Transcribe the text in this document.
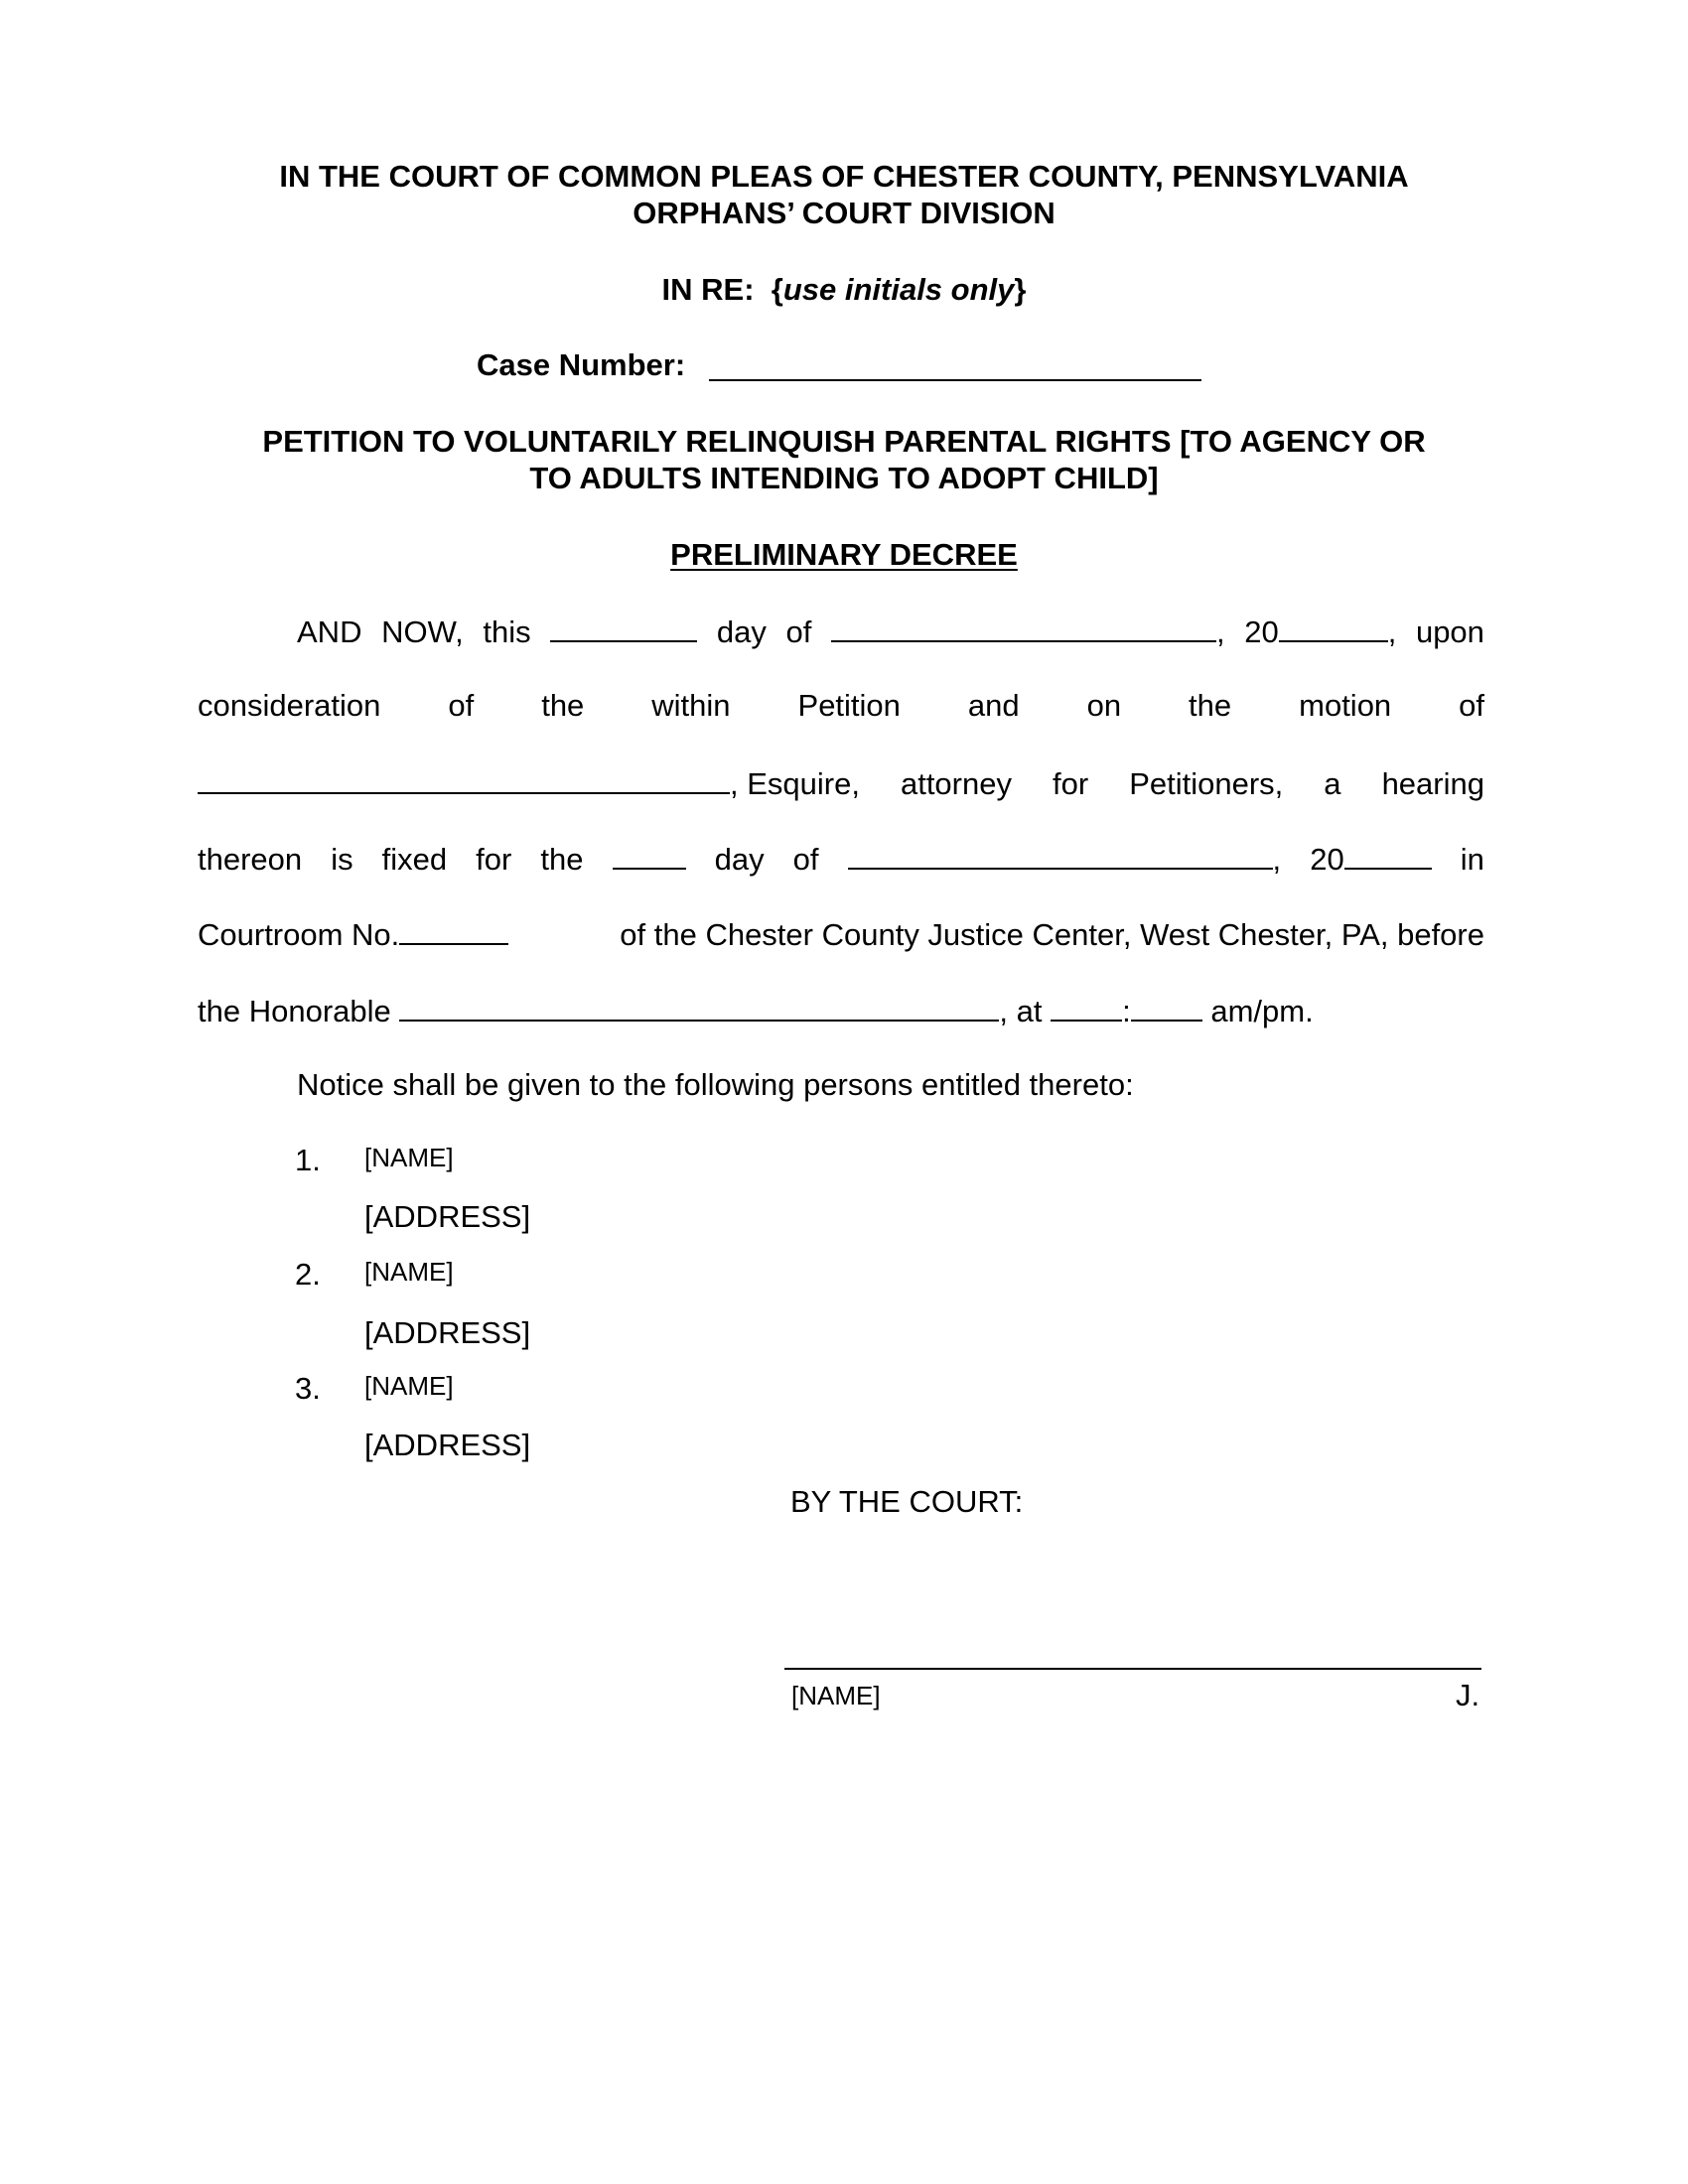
IN THE COURT OF COMMON PLEAS OF CHESTER COUNTY, PENNSYLVANIA
ORPHANS’ COURT DIVISION
IN RE: {use initials only}
Case Number:
PETITION TO VOLUNTARILY RELINQUISH PARENTAL RIGHTS [TO AGENCY OR
TO ADULTS INTENDING TO ADOPT CHILD]
PRELIMINARY DECREE
AND NOW, this	day of	, 20	, upon
consideration of the within Petition and on the motion of
, Esquire, attorney for Petitioners, a hearing
thereon is fixed for the	day of	, 20	in
Courtroom No.	of the Chester County Justice Center, West Chester, PA, before
the Honorable	, at	:	am/pm.
Notice shall be given to the following persons entitled thereto:
1. [NAME]
[ADDRESS]
2. [NAME]
[ADDRESS]
3. [NAME]
[ADDRESS]
BY THE COURT:
[NAME]	J.
